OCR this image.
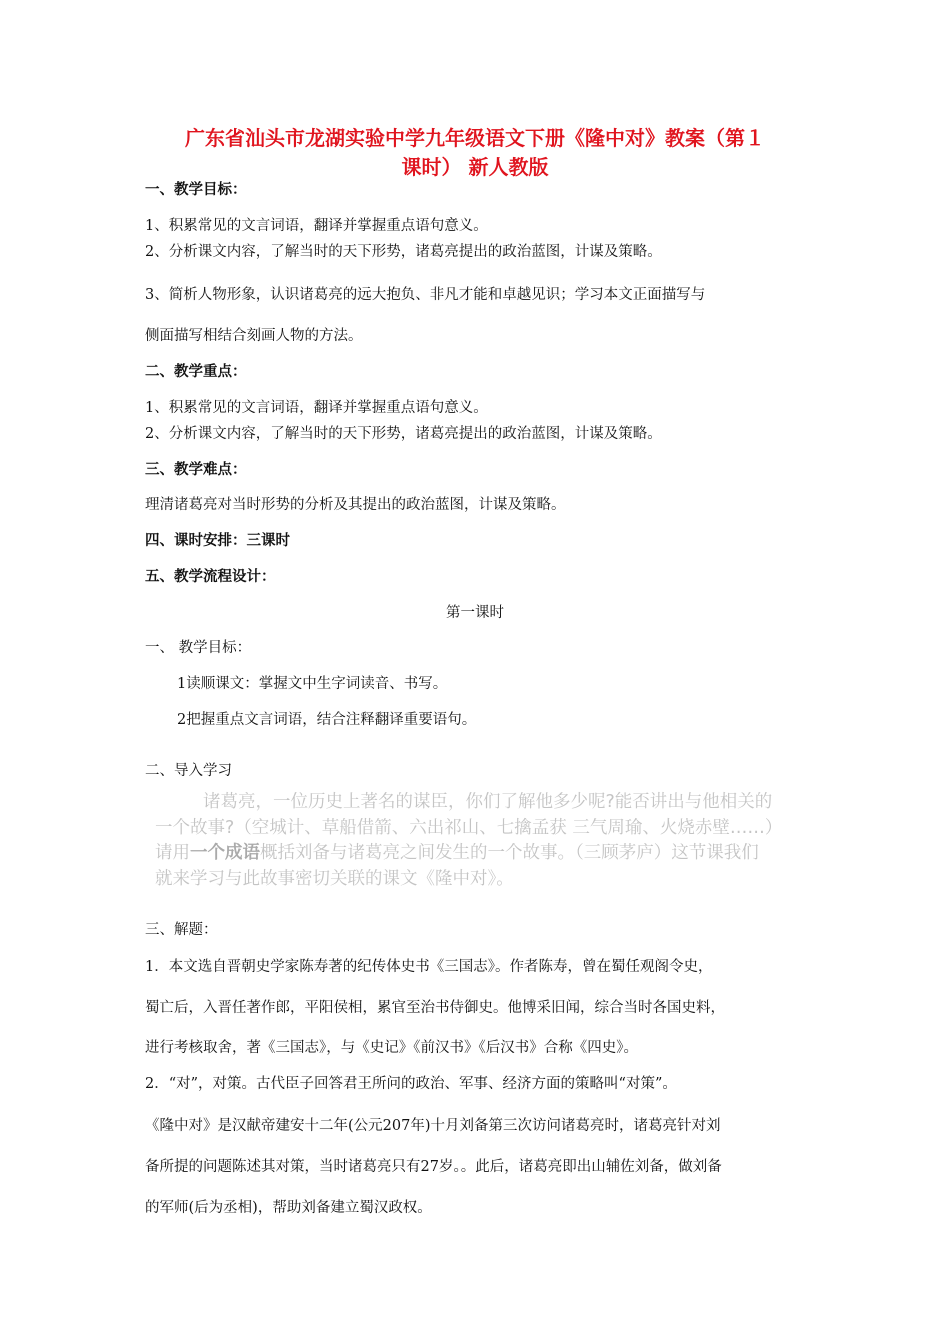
广东省汕头市龙湖实验中学九年级语文下册《隆中对》教案（第１
课时） 新人教版
一、教学目标：
1、积累常见的文言词语，翻译并掌握重点语句意义。
2、分析课文内容，了解当时的天下形势，诸葛亮提出的政治蓝图，计谋及策略。
3、简析人物形象，认识诸葛亮的远大抱负、非凡才能和卓越见识；学习本文正面描写与
侧面描写相结合刻画人物的方法。
二、教学重点：
1、积累常见的文言词语，翻译并掌握重点语句意义。
2、分析课文内容，了解当时的天下形势，诸葛亮提出的政治蓝图，计谋及策略。
三、教学难点：
理清诸葛亮对当时形势的分析及其提出的政治蓝图，计谋及策略。
四、课时安排：三课时
五、教学流程设计：
第一课时
一、 教学目标：
1读顺课文：掌握文中生字词读音、书写。
2把握重点文言词语，结合注释翻译重要语句。
二、导入学习
诸葛亮，一位历史上著名的谋臣，你们了解他多少呢?能否讲出与他相关的
一个故事?（空城计、草船借箭、六出祁山、七擒孟获 三气周瑜、火烧赤壁……）
请用一个成语概括刘备与诸葛亮之间发生的一个故事。（三顾茅庐）这节课我们
就来学习与此故事密切关联的课文《隆中对》。
三、解题：
1．本文选自晋朝史学家陈寿著的纪传体史书《三国志》。作者陈寿，曾在蜀任观阁令史，
蜀亡后，入晋任著作郎，平阳侯相，累官至治书侍御史。他博采旧闻，综合当时各国史料，
进行考核取舍，著《三国志》，与《史记》《前汉书》《后汉书》合称《四史》。
2．“对”，对策。古代臣子回答君王所问的政治、军事、经济方面的策略叫“对策”。
《隆中对》是汉献帝建安十二年(公元207年)十月刘备第三次访问诸葛亮时，诸葛亮针对刘
备所提的问题陈述其对策，当时诸葛亮只有27岁。。此后，诸葛亮即出山辅佐刘备，做刘备
的军师(后为丞相)，帮助刘备建立蜀汉政权。
